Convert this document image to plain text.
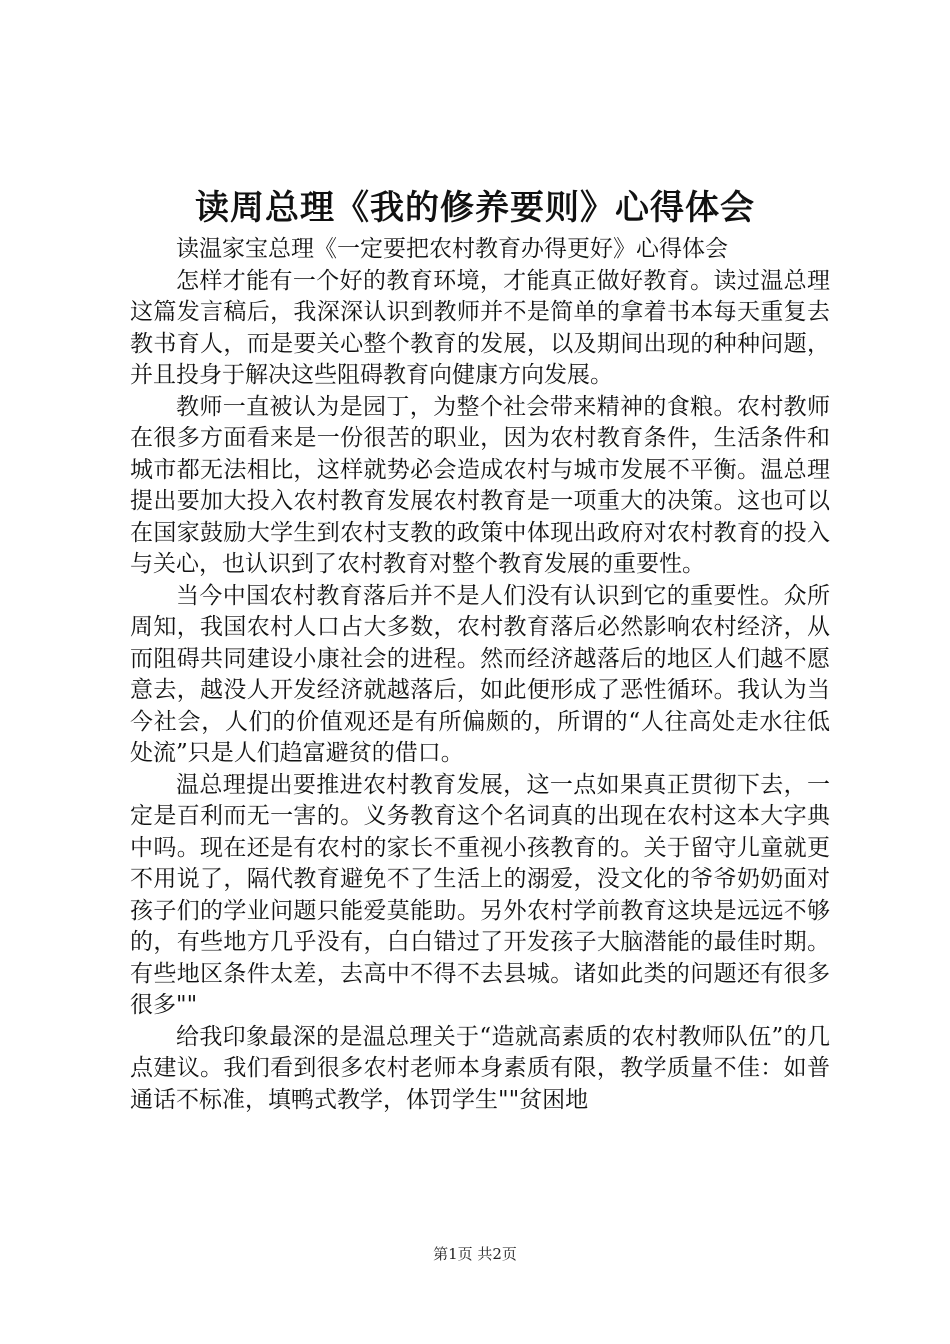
读周总理《我的修养要则》心得体会

读温家宝总理《一定要把农村教育办得更好》心得体会

怎样才能有一个好的教育环境，才能真正做好教育。读过温总理这篇发言稿后，我深深认识到教师并不是简单的拿着书本每天重复去教书育人，而是要关心整个教育的发展，以及期间出现的种种问题，并且投身于解决这些阻碍教育向健康方向发展。

教师一直被认为是园丁，为整个社会带来精神的食粮。农村教师在很多方面看来是一份很苦的职业，因为农村教育条件，生活条件和城市都无法相比，这样就势必会造成农村与城市发展不平衡。温总理提出要加大投入农村教育发展农村教育是一项重大的决策。这也可以在国家鼓励大学生到农村支教的政策中体现出政府对农村教育的投入与关心，也认识到了农村教育对整个教育发展的重要性。

当今中国农村教育落后并不是人们没有认识到它的重要性。众所周知，我国农村人口占大多数，农村教育落后必然影响农村经济，从而阻碍共同建设小康社会的进程。然而经济越落后的地区人们越不愿意去，越没人开发经济就越落后，如此便形成了恶性循环。我认为当今社会，人们的价值观还是有所偏颇的，所谓的“人往高处走水往低处流”只是人们趋富避贫的借口。

温总理提出要推进农村教育发展，这一点如果真正贯彻下去，一定是百利而无一害的。义务教育这个名词真的出现在农村这本大字典中吗。现在还是有农村的家长不重视小孩教育的。关于留守儿童就更不用说了，隔代教育避免不了生活上的溺爱，没文化的爷爷奶奶面对孩子们的学业问题只能爱莫能助。另外农村学前教育这块是远远不够的，有些地方几乎没有，白白错过了开发孩子大脑潜能的最佳时期。有些地区条件太差，去高中不得不去县城。诸如此类的问题还有很多很多""

给我印象最深的是温总理关于“造就高素质的农村教师队伍”的几点建议。我们看到很多农村老师本身素质有限，教学质量不佳：如普通话不标准，填鸭式教学，体罚学生""贫困地

第1页 共2页
